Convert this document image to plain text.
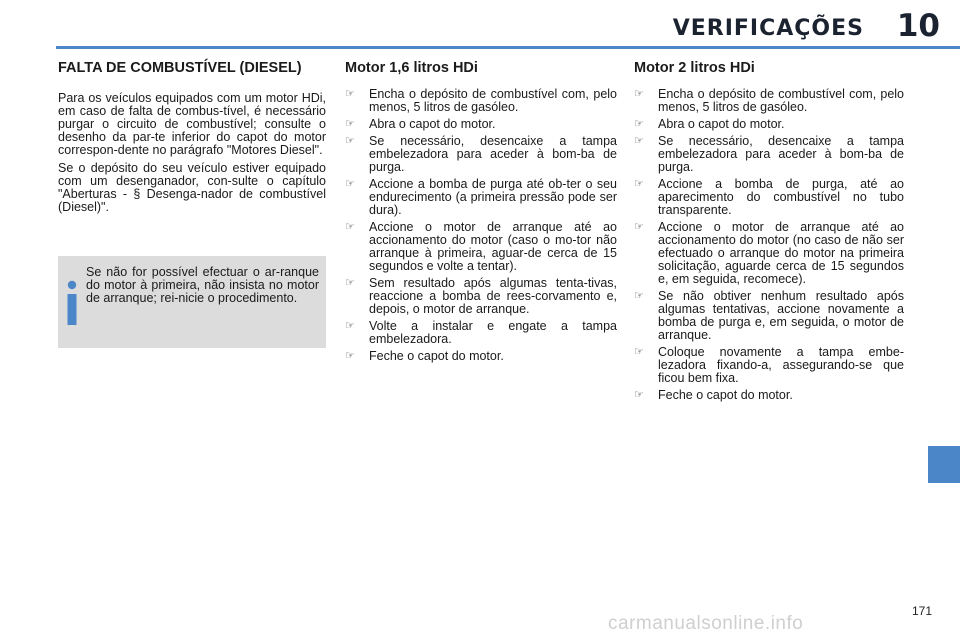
VERIFICAÇÕES 10
FALTA DE COMBUSTÍVEL (DIESEL)

Para os veículos equipados com um motor HDi, em caso de falta de combus-tível, é necessário purgar o circuito de combustível; consulte o desenho da par-te inferior do capot do motor correspon-dente no parágrafo "Motores Diesel".

Se o depósito do seu veículo estiver equipado com um desenganador, con-sulte o capítulo "Aberturas - § Desenga-nador de combustível (Diesel)".

Se não for possível efectuar o ar-ranque do motor à primeira, não insista no motor de arranque; rei-nicie o procedimento.
Motor 1,6 litros HDi
☞	Encha o depósito de combustível com, pelo menos, 5 litros de gasóleo.
☞	Abra o capot do motor.
☞	Se necessário, desencaixe a tampa embelezadora para aceder à bom-ba de purga.
☞	Accione a bomba de purga até ob-ter o seu endurecimento (a primeira pressão pode ser dura).
☞	Accione o motor de arranque até ao accionamento do motor (caso o mo-tor não arranque à primeira, aguar-de cerca de 15 segundos e volte a tentar).
☞	Sem resultado após algumas tenta-tivas, reaccione a bomba de rees-corvamento e, depois, o motor de arranque.
☞	Volte a instalar e engate a tampa embelezadora.
☞	Feche o capot do motor.
Motor 2 litros HDi
☞	Encha o depósito de combustível com, pelo menos, 5 litros de gasóleo.
☞	Abra o capot do motor.
☞	Se necessário, desencaixe a tampa embelezadora para aceder à bom-ba de purga.
☞	Accione a bomba de purga, até ao aparecimento do combustível no tubo transparente.
☞	Accione o motor de arranque até ao accionamento do motor (no caso de não ser efectuado o arranque do motor na primeira solicitação, aguarde cerca de 15 segundos e, em seguida, recomece).
☞	Se não obtiver nenhum resultado após algumas tentativas, accione novamente a bomba de purga e, em seguida, o motor de arranque.
☞	Coloque novamente a tampa embe-lezadora fixando-a, assegurando-se que ficou bem fixa.
☞	Feche o capot do motor.
171
carmanualsonline.info
